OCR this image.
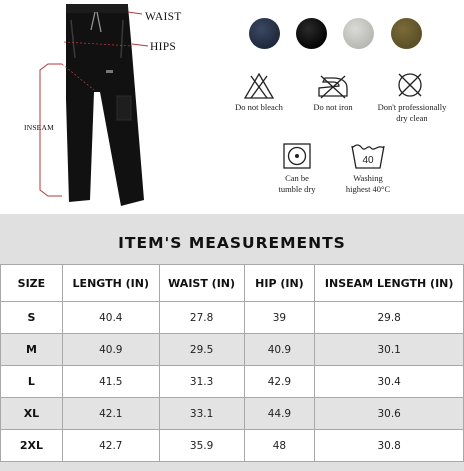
WAIST
HIPS
INSEAM
Do not bleach	Do not iron	Don't professionally
dry clean
Can be
tumble dry
40
Washing
highest 40°C
ITEM'S MEASUREMENTS
SIZE	LENGTH (IN)	WAIST (IN)	HIP (IN)	INSEAM LENGTH (IN)
S	40.4	27.8	39	29.8
M	40.9	29.5	40.9	30.1
L	41.5	31.3	42.9	30.4
XL	42.1	33.1	44.9	30.6
2XL	42.7	35.9	48	30.8
